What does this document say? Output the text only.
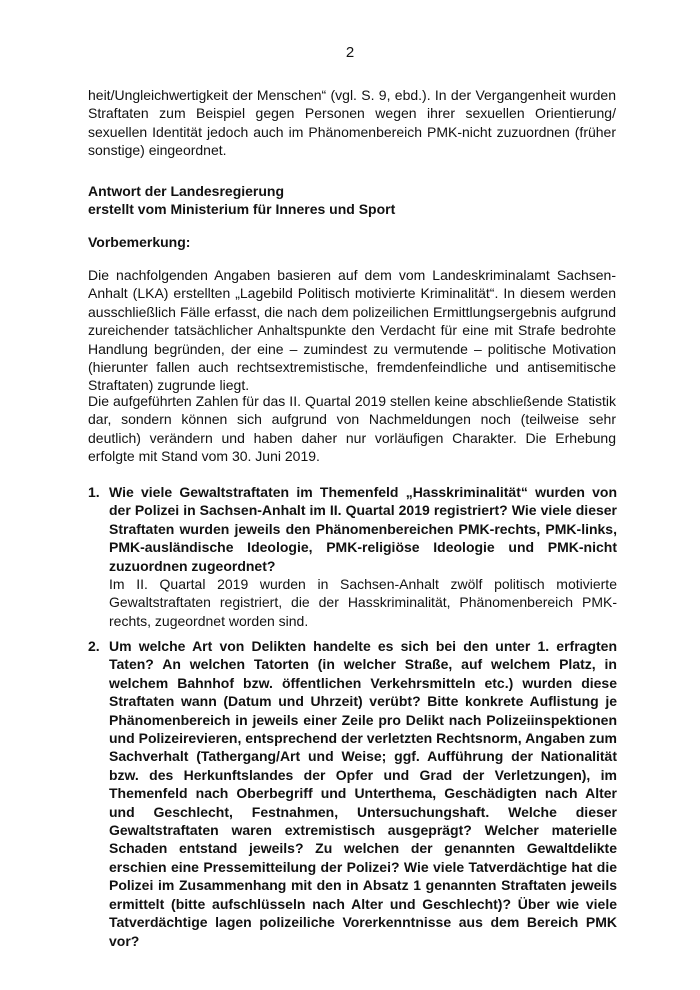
2

heit/Ungleichwertigkeit der Menschen“ (vgl. S. 9, ebd.). In der Vergangenheit wurden Straftaten zum Beispiel gegen Personen wegen ihrer sexuellen Orientierung/ sexuellen Identität jedoch auch im Phänomenbereich PMK-nicht zuzuordnen (früher sonstige) eingeordnet.

Antwort der Landesregierung
erstellt vom Ministerium für Inneres und Sport
Vorbemerkung:

Die nachfolgenden Angaben basieren auf dem vom Landeskriminalamt Sachsen-Anhalt (LKA) erstellten „Lagebild Politisch motivierte Kriminalität“. In diesem werden ausschließlich Fälle erfasst, die nach dem polizeilichen Ermittlungsergebnis aufgrund zureichender tatsächlicher Anhaltspunkte den Verdacht für eine mit Strafe bedrohte Handlung begründen, der eine – zumindest zu vermutende – politische Motivation (hierunter fallen auch rechtsextremistische, fremdenfeindliche und antisemitische Straftaten) zugrunde liegt.

Die aufgeführten Zahlen für das II. Quartal 2019 stellen keine abschließende Statistik dar, sondern können sich aufgrund von Nachmeldungen noch (teilweise sehr deutlich) verändern und haben daher nur vorläufigen Charakter. Die Erhebung erfolgte mit Stand vom 30. Juni 2019.

1. Wie viele Gewaltstraftaten im Themenfeld „Hasskriminalität“ wurden von der Polizei in Sachsen-Anhalt im II. Quartal 2019 registriert? Wie viele dieser Straftaten wurden jeweils den Phänomenbereichen PMK-rechts, PMK-links, PMK-ausländische Ideologie, PMK-religiöse Ideologie und PMK-nicht zuzuordnen zugeordnet?

Im II. Quartal 2019 wurden in Sachsen-Anhalt zwölf politisch motivierte Gewaltstraftaten registriert, die der Hasskriminalität, Phänomenbereich PMK-rechts, zugeordnet worden sind.

2. Um welche Art von Delikten handelte es sich bei den unter 1. erfragten Taten? An welchen Tatorten (in welcher Straße, auf welchem Platz, in welchem Bahnhof bzw. öffentlichen Verkehrsmitteln etc.) wurden diese Straftaten wann (Datum und Uhrzeit) verübt? Bitte konkrete Auflistung je Phänomenbereich in jeweils einer Zeile pro Delikt nach Polizeiinspektionen und Polizeirevieren, entsprechend der verletzten Rechtsnorm, Angaben zum Sachverhalt (Tathergang/Art und Weise; ggf. Aufführung der Nationalität bzw. des Herkunftslandes der Opfer und Grad der Verletzungen), im Themenfeld nach Oberbegriff und Unterthema, Geschädigten nach Alter und Geschlecht, Festnahmen, Untersuchungshaft. Welche dieser Gewaltstraftaten waren extremistisch ausgeprägt? Welcher materielle Schaden entstand jeweils? Zu welchen der genannten Gewaltdelikte erschien eine Pressemitteilung der Polizei? Wie viele Tatverdächtige hat die Polizei im Zusammenhang mit den in Absatz 1 genannten Straftaten jeweils ermittelt (bitte aufschlüsseln nach Alter und Geschlecht)? Über wie viele Tatverdächtige lagen polizeiliche Vorerkenntnisse aus dem Bereich PMK vor?
